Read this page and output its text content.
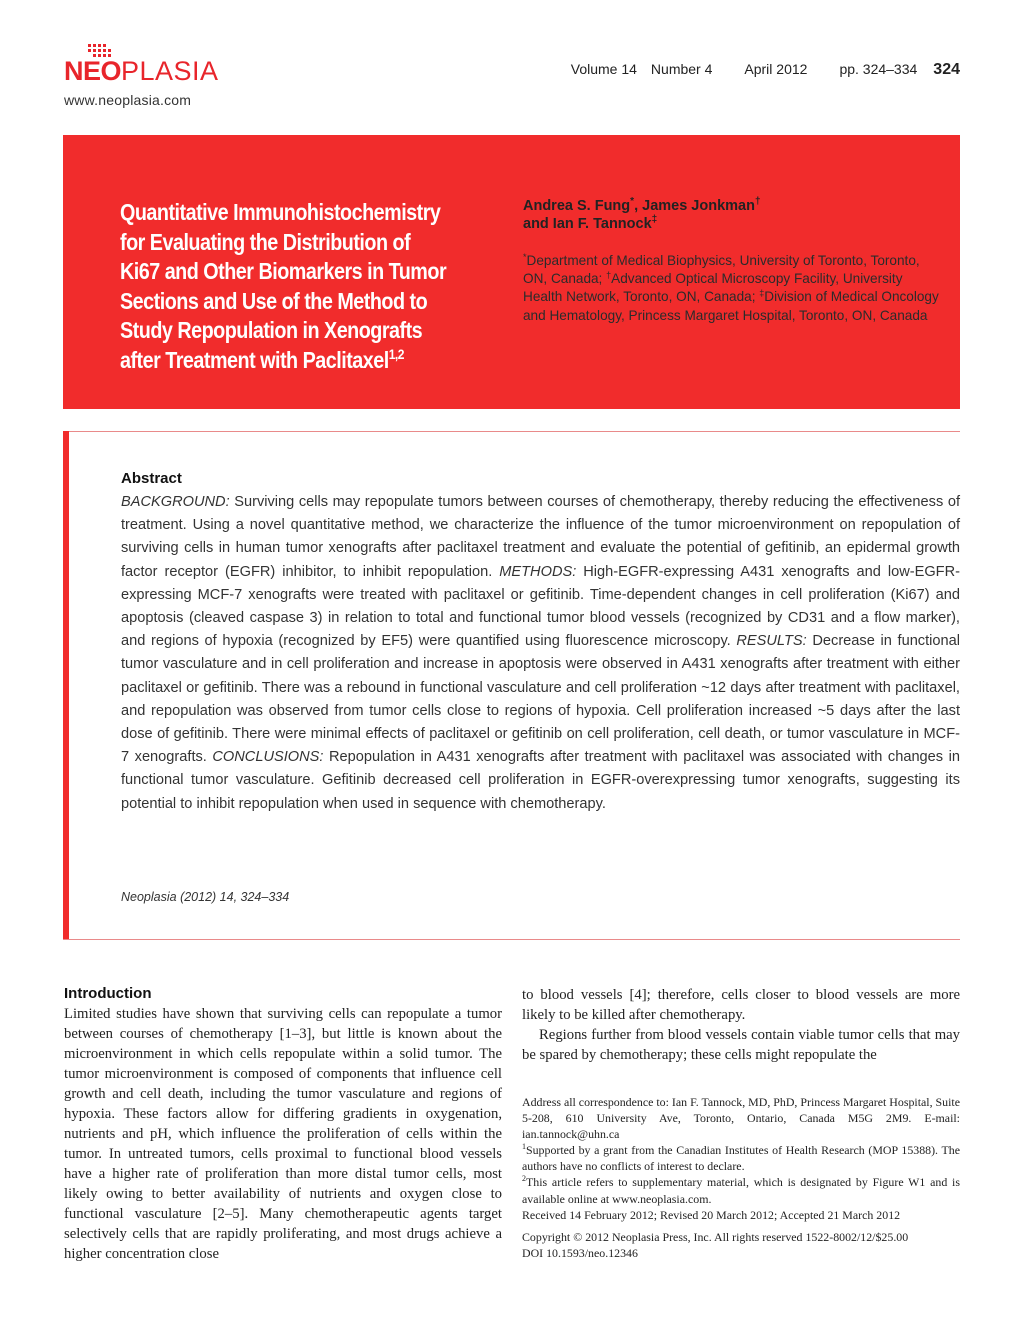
NEOPLASIA
www.neoplasia.com
Volume 14 Number 4 April 2012 pp. 324–334 324
Quantitative Immunohistochemistry
for Evaluating the Distribution of
Ki67 and Other Biomarkers in Tumor
Sections and Use of the Method to
Study Repopulation in Xenografts
after Treatment with Paclitaxel$^{1,2}$
Andrea S. Fung*, James Jonkman†
and Ian F. Tannock‡
*Department of Medical Biophysics, University of Toronto, Toronto, ON, Canada; †Advanced Optical Microscopy Facility, University Health Network, Toronto, ON, Canada; ‡Division of Medical Oncology and Hematology, Princess Margaret Hospital, Toronto, ON, Canada
Abstract
BACKGROUND: Surviving cells may repopulate tumors between courses of chemotherapy, thereby reducing the effectiveness of treatment. Using a novel quantitative method, we characterize the influence of the tumor microenvironment on repopulation of surviving cells in human tumor xenografts after paclitaxel treatment and evaluate the potential of gefitinib, an epidermal growth factor receptor (EGFR) inhibitor, to inhibit repopulation. METHODS: High-EGFR-expressing A431 xenografts and low-EGFR-expressing MCF-7 xenografts were treated with paclitaxel or gefitinib. Time-dependent changes in cell proliferation (Ki67) and apoptosis (cleaved caspase 3) in relation to total and functional tumor blood vessels (recognized by CD31 and a flow marker), and regions of hypoxia (recognized by EF5) were quantified using fluorescence microscopy. RESULTS: Decrease in functional tumor vasculature and in cell proliferation and increase in apoptosis were observed in A431 xenografts after treatment with either paclitaxel or gefitinib. There was a rebound in functional vasculature and cell proliferation ~12 days after treatment with paclitaxel, and repopulation was observed from tumor cells close to regions of hypoxia. Cell proliferation increased ~5 days after the last dose of gefitinib. There were minimal effects of paclitaxel or gefitinib on cell proliferation, cell death, or tumor vasculature in MCF-7 xenografts. CONCLUSIONS: Repopulation in A431 xenografts after treatment with paclitaxel was associated with changes in functional tumor vasculature. Gefitinib decreased cell proliferation in EGFR-overexpressing tumor xenografts, suggesting its potential to inhibit repopulation when used in sequence with chemotherapy.
Neoplasia (2012) 14, 324–334
Introduction
Limited studies have shown that surviving cells can repopulate a tumor between courses of chemotherapy [1–3], but little is known about the microenvironment in which cells repopulate within a solid tumor. The tumor microenvironment is composed of components that influence cell growth and cell death, including the tumor vasculature and regions of hypoxia. These factors allow for differing gradients in oxygenation, nutrients and pH, which influence the proliferation of cells within the tumor. In untreated tumors, cells proximal to functional blood vessels have a higher rate of proliferation than more distal tumor cells, most likely owing to better availability of nutrients and oxygen close to functional vasculature [2–5]. Many chemotherapeutic agents target selectively cells that are rapidly proliferating, and most drugs achieve a higher concentration close

to blood vessels [4]; therefore, cells closer to blood vessels are more likely to be killed after chemotherapy.

Regions further from blood vessels contain viable tumor cells that may be spared by chemotherapy; these cells might repopulate the

Address all correspondence to: Ian F. Tannock, MD, PhD, Princess Margaret Hospital, Suite 5-208, 610 University Ave, Toronto, Ontario, Canada M5G 2M9. E-mail: ian.tannock@uhn.ca

$^1$Supported by a grant from the Canadian Institutes of Health Research (MOP 15388). The authors have no conflicts of interest to declare.

$^2$This article refers to supplementary material, which is designated by Figure W1 and is available online at www.neoplasia.com.

Received 14 February 2012; Revised 20 March 2012; Accepted 21 March 2012

Copyright © 2012 Neoplasia Press, Inc. All rights reserved 1522-8002/12/$25.00

DOI 10.1593/neo.12346
